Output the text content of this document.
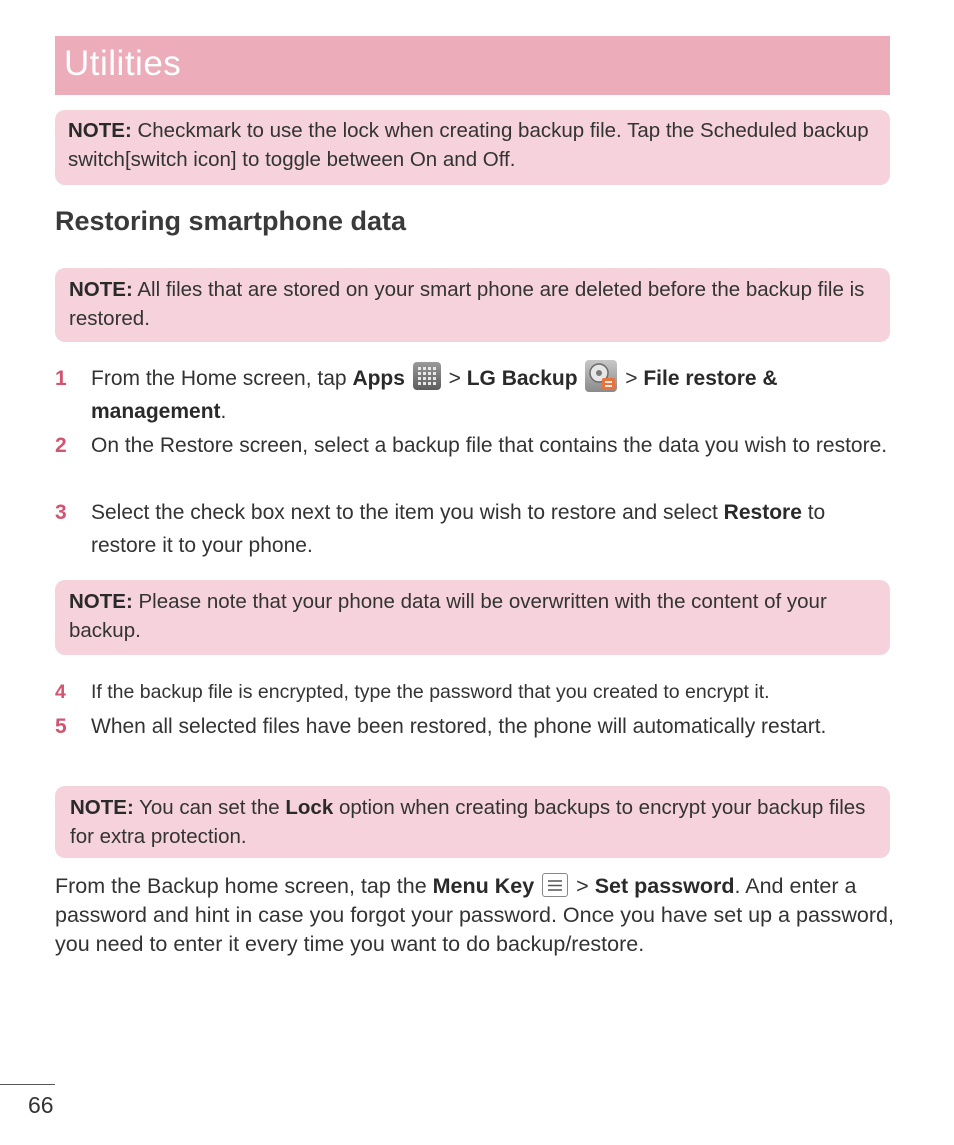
Utilities
NOTE: Checkmark to use the lock when creating backup file. Tap the Scheduled backup switch[switch icon] to toggle between On and Off.
Restoring smartphone data
NOTE: All files that are stored on your smart phone are deleted before the backup file is restored.
1	From the Home screen, tap Apps
> LG Backup
> File restore & management.
2	On the Restore screen, select a backup file that contains the data you wish to restore.
3	Select the check box next to the item you wish to restore and select Restore to restore it to your phone.
NOTE: Please note that your phone data will be overwritten with the content of your backup.
4	If the backup file is encrypted, type the password that you created to encrypt it.
5	When all selected files have been restored, the phone will automatically restart.
NOTE: You can set the Lock option when creating backups to encrypt your backup files for extra protection.

From the Backup home screen, tap the Menu Key
> Set password. And enter a password and hint in case you forgot your password. Once you have set up a password, you need to enter it every time you want to do backup/restore.

66
